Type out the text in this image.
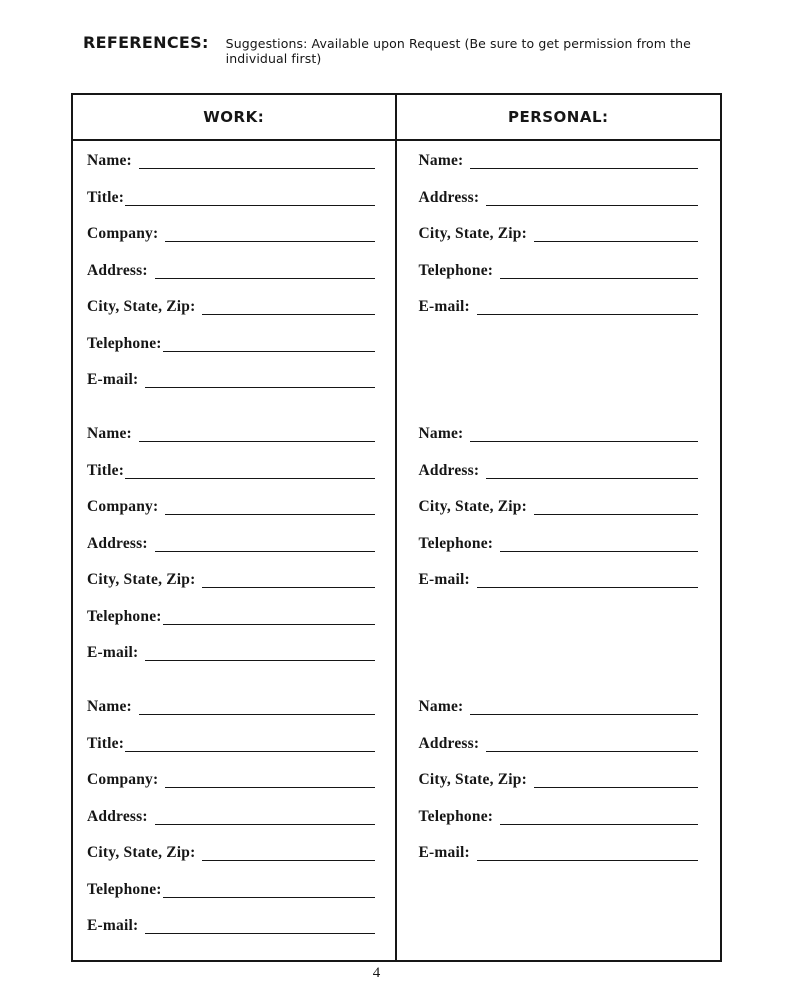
REFERENCES: Suggestions: Available upon Request (Be sure to get permission from the individual first)
WORK:
Name:
Title:
Company:
Address:
City, State, Zip:
Telephone:
E-mail:
Name:
Title:
Company:
Address:
City, State, Zip:
Telephone:
E-mail:
Name:
Title:
Company:
Address:
City, State, Zip:
Telephone:
E-mail:
PERSONAL:
Name:
Address:
City, State, Zip:
Telephone:
E-mail:
Name:
Address:
City, State, Zip:
Telephone:
E-mail:
Name:
Address:
City, State, Zip:
Telephone:
E-mail:
4
